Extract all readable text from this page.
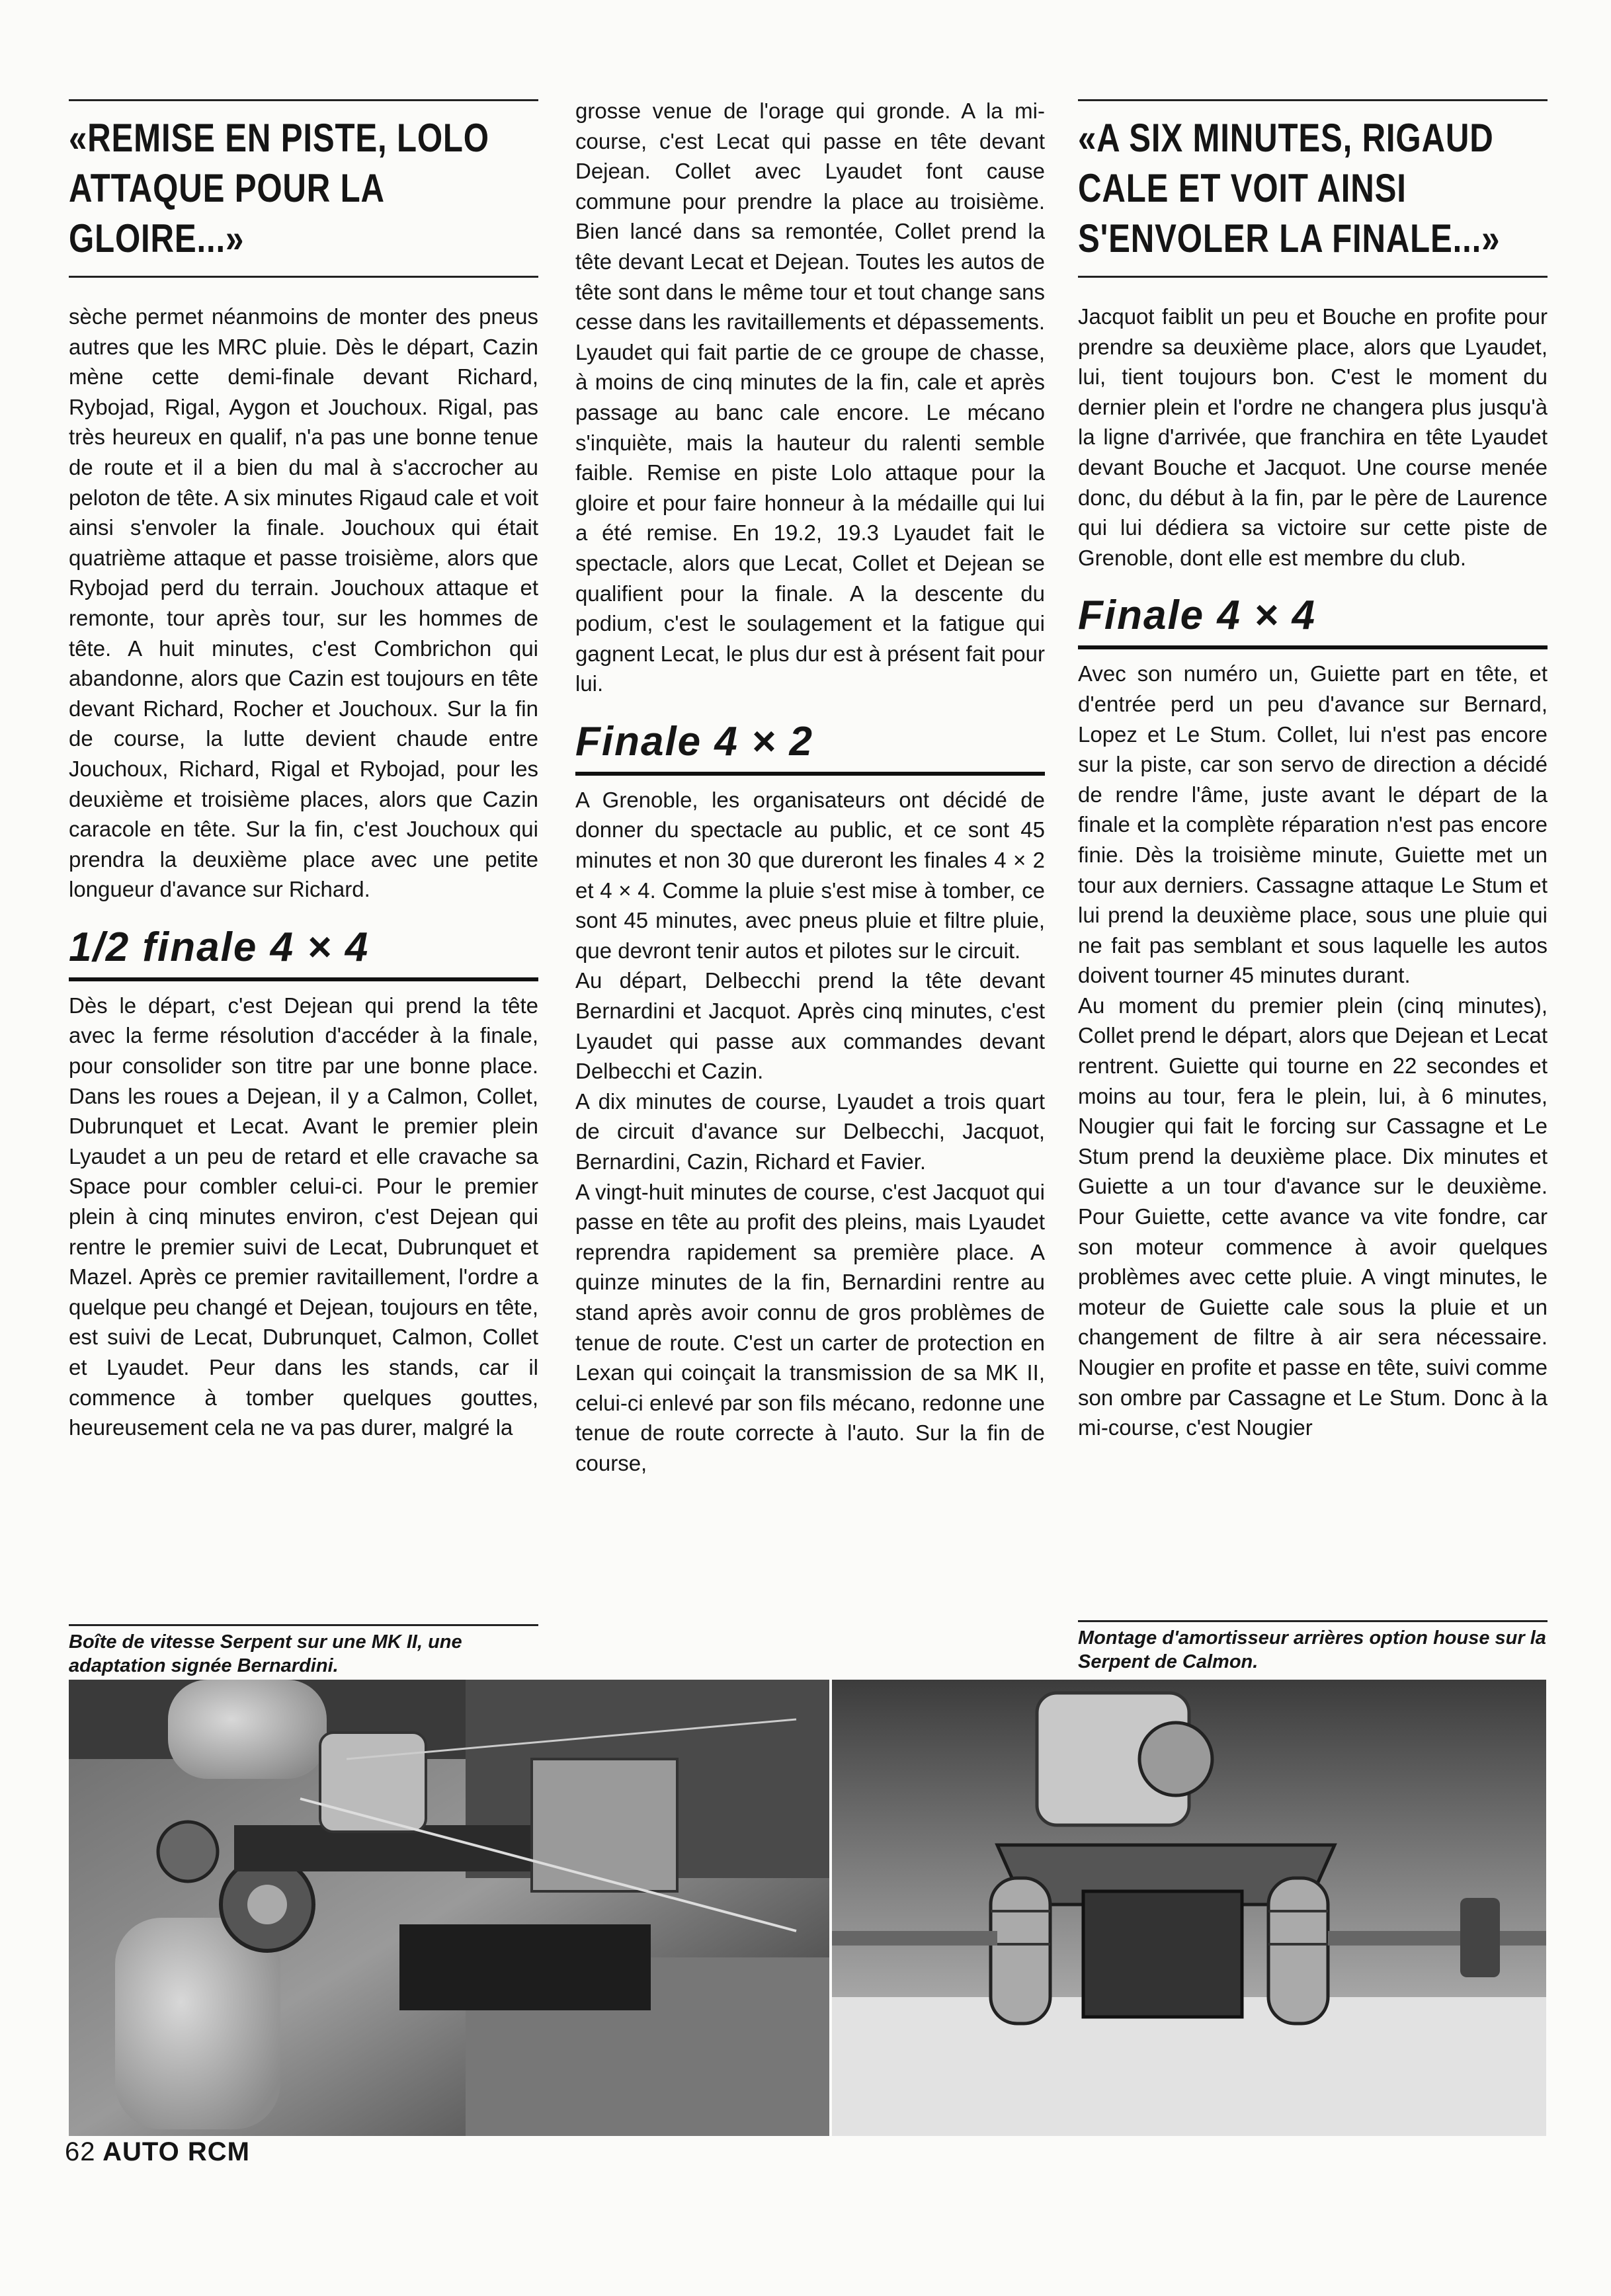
«REMISE EN PISTE, LOLO ATTAQUE POUR LA GLOIRE...»

sèche permet néanmoins de monter des pneus autres que les MRC pluie. Dès le départ, Cazin mène cette demi-finale devant Richard, Rybojad, Rigal, Aygon et Jouchoux. Rigal, pas très heureux en qualif, n'a pas une bonne tenue de route et il a bien du mal à s'accrocher au peloton de tête. A six minutes Rigaud cale et voit ainsi s'envoler la finale. Jouchoux qui était quatrième attaque et passe troisième, alors que Rybojad perd du terrain. Jouchoux attaque et remonte, tour après tour, sur les hommes de tête. A huit minutes, c'est Combrichon qui abandonne, alors que Cazin est toujours en tête devant Richard, Rocher et Jouchoux. Sur la fin de course, la lutte devient chaude entre Jouchoux, Richard, Rigal et Rybojad, pour les deuxième et troisième places, alors que Cazin caracole en tête. Sur la fin, c'est Jouchoux qui prendra la deuxième place avec une petite longueur d'avance sur Richard.

1/2 finale 4 × 4

Dès le départ, c'est Dejean qui prend la tête avec la ferme résolution d'accéder à la finale, pour consolider son titre par une bonne place. Dans les roues a Dejean, il y a Calmon, Collet, Dubrunquet et Lecat. Avant le premier plein Lyaudet a un peu de retard et elle cravache sa Space pour combler celui-ci. Pour le premier plein à cinq minutes environ, c'est Dejean qui rentre le premier suivi de Lecat, Dubrunquet et Mazel. Après ce premier ravitaillement, l'ordre a quelque peu changé et Dejean, toujours en tête, est suivi de Lecat, Dubrunquet, Calmon, Collet et Lyaudet. Peur dans les stands, car il commence à tomber quelques gouttes, heureusement cela ne va pas durer, malgré la

grosse venue de l'orage qui gronde. A la mi-course, c'est Lecat qui passe en tête devant Dejean. Collet avec Lyaudet font cause commune pour prendre la place au troisième. Bien lancé dans sa remontée, Collet prend la tête devant Lecat et Dejean. Toutes les autos de tête sont dans le même tour et tout change sans cesse dans les ravitaillements et dépassements. Lyaudet qui fait partie de ce groupe de chasse, à moins de cinq minutes de la fin, cale et après passage au banc cale encore. Le mécano s'inquiète, mais la hauteur du ralenti semble faible. Remise en piste Lolo attaque pour la gloire et pour faire honneur à la médaille qui lui a été remise. En 19.2, 19.3 Lyaudet fait le spectacle, alors que Lecat, Collet et Dejean se qualifient pour la finale. A la descente du podium, c'est le soulagement et la fatigue qui gagnent Lecat, le plus dur est à présent fait pour lui.

Finale 4 × 2

A Grenoble, les organisateurs ont décidé de donner du spectacle au public, et ce sont 45 minutes et non 30 que dureront les finales 4 × 2 et 4 × 4. Comme la pluie s'est mise à tomber, ce sont 45 minutes, avec pneus pluie et filtre pluie, que devront tenir autos et pilotes sur le circuit.

Au départ, Delbecchi prend la tête devant Bernardini et Jacquot. Après cinq minutes, c'est Lyaudet qui passe aux commandes devant Delbecchi et Cazin.

A dix minutes de course, Lyaudet a trois quart de circuit d'avance sur Delbecchi, Jacquot, Bernardini, Cazin, Richard et Favier.

A vingt-huit minutes de course, c'est Jacquot qui passe en tête au profit des pleins, mais Lyaudet reprendra rapidement sa première place. A quinze minutes de la fin, Bernardini rentre au stand après avoir connu de gros problèmes de tenue de route. C'est un carter de protection en Lexan qui coinçait la transmission de sa MK II, celui-ci enlevé par son fils mécano, redonne une tenue de route correcte à l'auto. Sur la fin de course,

«A SIX MINUTES, RIGAUD CALE ET VOIT AINSI S'ENVOLER LA FINALE...»

Jacquot faiblit un peu et Bouche en profite pour prendre sa deuxième place, alors que Lyaudet, lui, tient toujours bon. C'est le moment du dernier plein et l'ordre ne changera plus jusqu'à la ligne d'arrivée, que franchira en tête Lyaudet devant Bouche et Jacquot. Une course menée donc, du début à la fin, par le père de Laurence qui lui dédiera sa victoire sur cette piste de Grenoble, dont elle est membre du club.

Finale 4 × 4

Avec son numéro un, Guiette part en tête, et d'entrée perd un peu d'avance sur Bernard, Lopez et Le Stum. Collet, lui n'est pas encore sur la piste, car son servo de direction a décidé de rendre l'âme, juste avant le départ de la finale et la complète réparation n'est pas encore finie. Dès la troisième minute, Guiette met un tour aux derniers. Cassagne attaque Le Stum et lui prend la deuxième place, sous une pluie qui ne fait pas semblant et sous laquelle les autos doivent tourner 45 minutes durant.

Au moment du premier plein (cinq minutes), Collet prend le départ, alors que Dejean et Lecat rentrent. Guiette qui tourne en 22 secondes et moins au tour, fera le plein, lui, à 6 minutes, Nougier qui fait le forcing sur Cassagne et Le Stum prend la deuxième place. Dix minutes et Guiette a un tour d'avance sur le deuxième. Pour Guiette, cette avance va vite fondre, car son moteur commence à avoir quelques problèmes avec cette pluie. A vingt minutes, le moteur de Guiette cale sous la pluie et un changement de filtre à air sera nécessaire. Nougier en profite et passe en tête, suivi comme son ombre par Cassagne et Le Stum. Donc à la mi-course, c'est Nougier

Boîte de vitesse Serpent sur une MK II, une adaptation signée Bernardini.
Montage d'amortisseur arrières option house sur la Serpent de Calmon.
62 AUTO RCM
